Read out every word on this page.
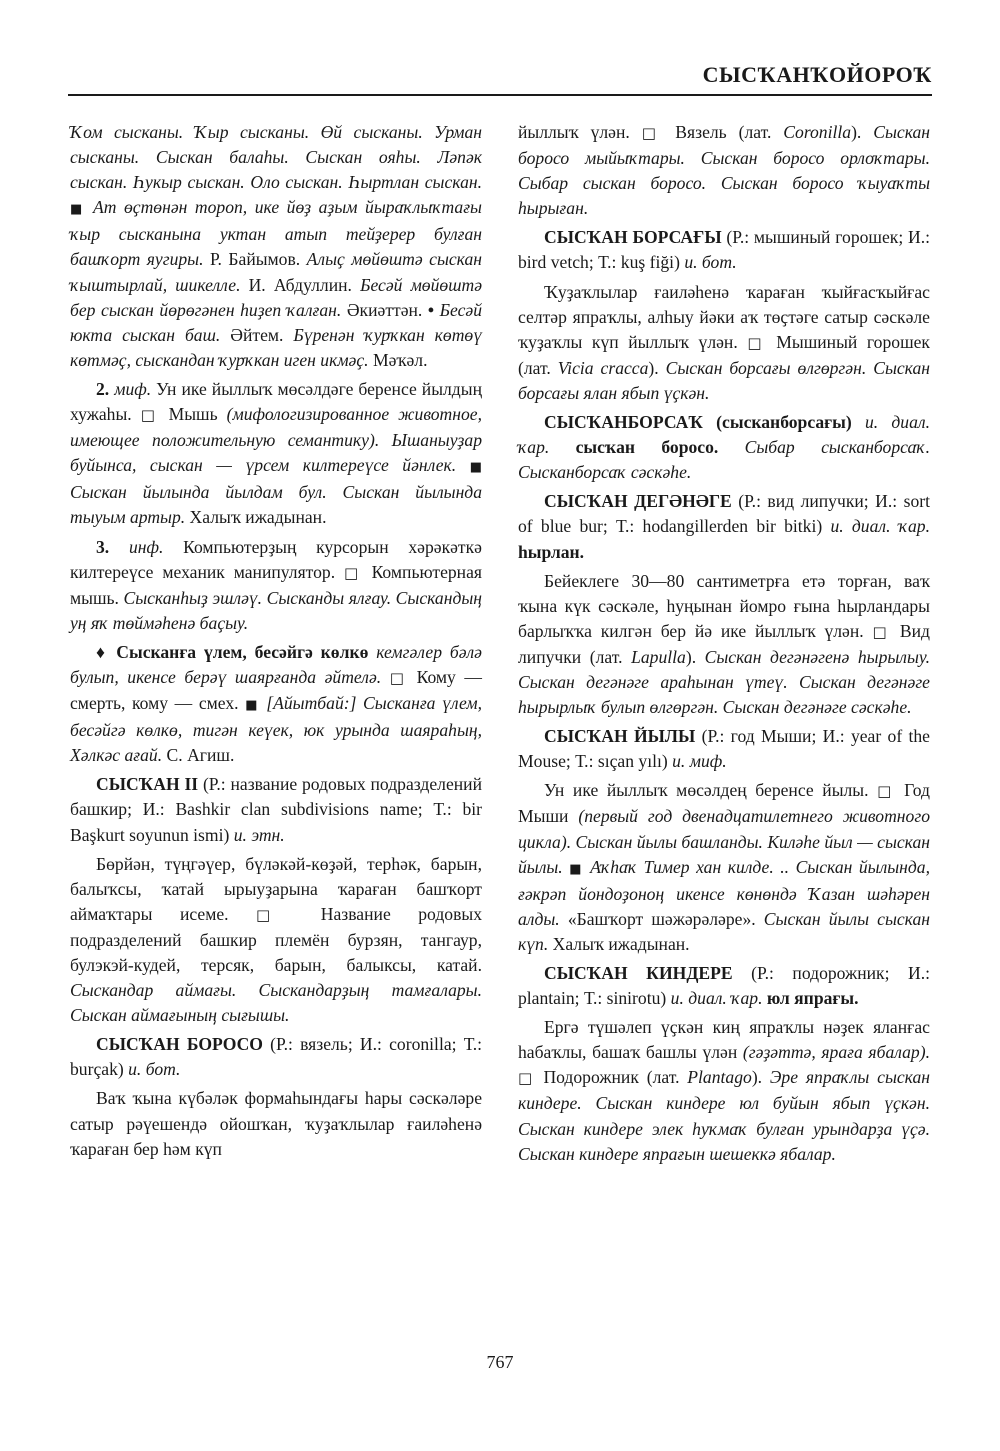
СЫСҠАНҠОЙОРОҠ

Ҡом сысканы. Ҡыр сысканы. Өй сысканы. Урман сысканы. Сыскан балаhы. Сыскан ояhы. Ләпәк сыскан. Һукыр сыскан. Оло сыскан. Һыртлан сыскан. ■ Ат өҫтөнән тороп, ике йөҙ аҙым йыраҡлыҡтағы ҡыр сысканына уктан атып тейҙерер булған башҡорт яугиры. Р. Байымов. Алыҫ мөйөштә сыскан ҡыштырлай, шикелле. И. Абдуллин. Бесәй мөйөштә бер сыскан йөрөгәнен hиҙеп ҡалған. Әкиәттән. • Бесәй юкта сыскан баш. Әйтем. Бүренән ҡурҡкан көтөү көтмәҫ, сыскандан ҡурҡкан иген икмәҫ. Мәҡәл.

2. миф. Ун ике йыллыҡ мөсәлдәге беренсе йылдың хужаhы. □ Мышь (мифологизированное животное, имеющее положительную семантику). Ышаныуҙар буйынса, сыскан — үрсем килтереүсе йәнлек. ■ Сыскан йылында йылдам бул. Сыскан йылында тыуым артыр. Халыҡ ижадынан.

3. инф. Компьютерҙың курсорын хәрәкәткә килтереүсе механик манипулятор. □ Компьютерная мышь. Сысканһыҙ эшләү. Сысканды ялғау. Сыскандың уң яҡ төймәhенә баҫыу.

♦ Сысканға үлем, бесәйгә көлкө кемгәлер бәлә булып, икенсе берәү шаярғанда әйтелә. □ Кому — смерть, кому — смех. ■ [Айытбай:] Сысканға үлем, бесәйгә көлкө, тигән кеүек, юк урында шаяраhың, Хәлкәс ағай. С. Агиш.

СЫСҠАН II (Р.: название родовых подразделений башкир; И.: Bashkir clan subdivisions name; Т.: bir Başkurt soyunun ismi) и. этн.

Бөрйән, түңгәүер, бүләкәй-көҙәй, терhәк, барын, балыҡсы, ҡатай ырыуҙарына ҡараған башҡорт аймаҡтары исеме. □ Название родовых подразделений башкир племён бурзян, тангаур, булэкэй-кудей, терсяк, барын, балыксы, катай. Сыскандар аймағы. Сыскандарҙың тамғалары. Сыскан аймағының сығышы.

СЫСҠАН БОРОСО (Р.: вязель; И.: coronilla; Т.: burçak) и. бот.

Ваҡ ҡына күбәләк формаhындағы hары сәскәләре сатыр рәүешендә ойошҡан, ҡуҙаҡлылар ғаиләhенә ҡараған бер hәм күп

йыллыҡ үлән. □ Вязель (лат. Coronilla). Сыскан боросо мыйыҡтары. Сыскан боросо орлоҡтары. Сыбар сыскан боросо. Сыскан боросо ҡыуаҡты hырыған.

СЫСҠАН БОРСАҒЫ (Р.: мышиный горошек; И.: bird vetch; Т.: kuş fiği) и. бот.

Ҡуҙаҡлылар ғаиләhенә ҡараған ҡыйғасҡыйғас селтәр япраҡлы, алhыу йәки аҡ төҫтәге сатыр сәскәле ҡуҙаҡлы күп йыллыҡ үлән. □ Мышиный горошек (лат. Vicia cracca). Сыскан борсағы өлгөргән. Сыскан борсағы ялан ябып үҫкән.

СЫСҠАНБОРСАҠ (сысканборсағы) и. диал. ҡар. сысҡан боросо. Сыбар сысканборсаҡ. Сысканборсаҡ сәскәhе.

СЫСҠАН ДЕГӘНӘГЕ (Р.: вид липучки; И.: sort of blue bur; Т.: hodangillerden bir bitki) и. диал. ҡар. hырлан.

Бейеклеге 30—80 сантиметрға етә торған, ваҡ ҡына күк сәскәле, hуңынан йомро ғына hырландары барлыҡҡа килгән бер йә ике йыллыҡ үлән. □ Вид липучки (лат. Lapulla). Сыскан дегәнәгенә hырылыу. Сыскан дегәнәге араhынан үтеү. Сыскан дегәнәге hырырлыҡ булып өлгөргән. Сыскан дегәнәге сәскәhе.

СЫСҠАН ЙЫЛЫ (Р.: год Мыши; И.: year of the Mouse; Т.: sıçan yılı) и. миф.

Ун ике йыллыҡ мөсәлдең беренсе йылы. □ Год Мыши (первый год двенадцатилетнего животного цикла). Сыскан йылы башланды. Киләhе йыл — сыскан йылы. ■ Аҡhаҡ Тимер хан килде. .. Сыскан йылында, ғәкрәп йондоҙоноң икенсе көнөндә Ҡазан шәhәрен алды. «Башҡорт шәжәрәләре». Сыскан йылы сыскан күп. Халыҡ ижадынан.

СЫСҠАН КИНДЕРЕ (Р.: подорожник; И.: plantain; Т.: sinirotu) и. диал. ҡар. юл япрағы.

Ергә түшәлеп үҫкән киң япраҡлы нәҙек яланғас hабаҡлы, башаҡ башлы үлән (гәҙәттә, ярағa ябалар). □ Подорожник (лат. Plantago). Эре япраҡлы сыскан киндере. Сыскан киндере юл буйын ябып үҫкән. Сыскан киндере элек hуҡмаҡ булған урындарҙа үҫә. Сыскан киндере япрағын шешеккә ябалар.

767
